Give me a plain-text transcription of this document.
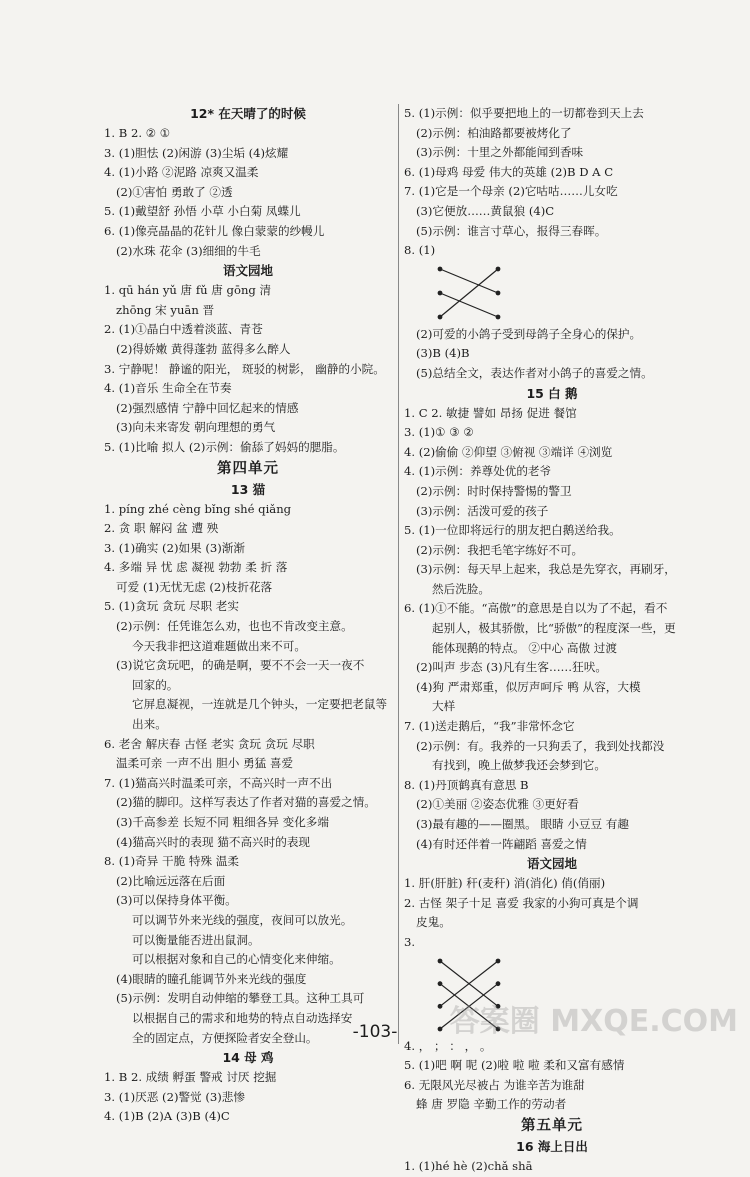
12* 在天晴了的时候
1. B 2. ② ①
3. (1)胆怯 (2)闲游 (3)尘垢 (4)炫耀
4. (1)小路 ②泥路 凉爽又温柔
(2)①害怕 勇敢了 ②透
5. (1)戴望舒 孙悟 小草 小白菊 凤蝶儿
6. (1)像亮晶晶的花针儿 像白蒙蒙的纱幔儿
(2)水珠 花伞 (3)细细的牛毛
语文园地
1. qū hán yǔ 唐 fǔ 唐 gōng 清
zhōng 宋 yuān 晋
2. (1)①晶白中透着淡蓝、青苍
(2)得娇嫩 黄得蓬勃 蓝得多么醉人
3. 宁静呢！ 静谧的阳光， 斑驳的树影， 幽静的小院。
4. (1)音乐 生命全在节奏
(2)强烈感情 宁静中回忆起来的情感
(3)向未来寄发 朝向理想的勇气
5. (1)比喻 拟人 (2)示例：偷舔了妈妈的腮脂。
第四单元
13 猫
1. píng zhé cèng bǐng shé qiǎng
2. 贪 职 解闷 盆 遭 殃
3. (1)确实 (2)如果 (3)渐渐
4. 多端 异 忧 虑 凝视 勃勃 柔 折 落
可爱 (1)无忧无虑 (2)枝折花落
5. (1)贪玩 贪玩 尽职 老实
(2)示例：任凭谁怎么劝，也也不肯改变主意。
今天我非把这道难题做出来不可。
(3)说它贪玩吧，的确是啊，要不不会一天一夜不
回家的。
它屏息凝视，一连就是几个钟头，一定要把老鼠等出来。
6. 老舍 解庆春 古怪 老实 贪玩 贪玩 尽职
温柔可亲 一声不出 胆小 勇猛 喜爱
7. (1)猫高兴时温柔可亲，不高兴时一声不出
(2)猫的脚印。这样写表达了作者对猫的喜爱之情。
(3)千高参差 长短不同 粗细各异 变化多端
(4)猫高兴时的表现 猫不高兴时的表现
8. (1)奇异 干脆 特殊 温柔
(2)比喻远远落在后面
(3)可以保持身体平衡。
可以调节外来光线的强度，夜间可以放光。
可以衡量能否进出鼠洞。
可以根据对象和自己的心情变化来伸缩。
(4)眼睛的瞳孔能调节外来光线的强度
(5)示例：发明自动伸缩的攀登工具。这种工具可
以根据自己的需求和地势的特点自动选择安
全的固定点，方便探险者安全登山。
14 母 鸡
1. B 2. 成绩 孵蛋 警戒 讨厌 挖掘
3. (1)厌恶 (2)警觉 (3)悲惨
4. (1)B (2)A (3)B (4)C
5. (1)示例：似乎要把地上的一切都卷到天上去
(2)示例：柏油路都要被烤化了
(3)示例：十里之外都能闻到香味
6. (1)母鸡 母爱 伟大的英雄 (2)B D A C
7. (1)它是一个母亲 (2)它咕咕……儿女吃
(3)它便放……黄鼠狼 (4)C
(5)示例：谁言寸草心，报得三春晖。
8. (1)
(2)可爱的小鸽子受到母鸽子全身心的保护。
(3)B (4)B
(5)总结全文，表达作者对小鸽子的喜爱之情。
15 白 鹅
1. C 2. 敏捷 譬如 昂扬 促进 餐馆
3. (1)① ③ ②
4. (2)偷偷 ②仰望 ③俯视 ③端详 ④浏览
4. (1)示例：养尊处优的老爷
(2)示例：时时保持警惕的警卫
(3)示例：活泼可爱的孩子
5. (1)一位即将远行的朋友把白鹅送给我。
(2)示例：我把毛笔字练好不可。
(3)示例：每天早上起来，我总是先穿衣，再刷牙，
然后洗脸。
6. (1)①不能。“高傲”的意思是自以为了不起，看不
起别人，极其骄傲，比“骄傲”的程度深一些，更
能体现鹅的特点。 ②中心 高傲 过渡
(2)叫声 步态 (3)凡有生客……狂吠。
(4)狗 严肃郑重，似厉声呵斥 鸭 从容，大模
大样
7. (1)送走鹅后，“我”非常怀念它
(2)示例：有。我养的一只狗丢了，我到处找都没
有找到，晚上做梦我还会梦到它。
8. (1)丹顶鹤真有意思 B
(2)①美丽 ②姿态优雅 ③更好看
(3)最有趣的——圈黑。 眼睛 小豆豆 有趣
(4)有时还伴着一阵翩蹈 喜爱之情
语文园地
1. 肝(肝脏) 秆(麦秆) 消(消化) 俏(俏丽)
2. 古怪 架子十足 喜爱 我家的小狗可真是个调
皮鬼。
3.
4. ， ； ： ， 。
5. (1)吧 啊 呢 (2)啦 啦 啦 柔和又富有感情
6. 无限风光尽被占 为谁辛苦为谁甜
蜂 唐 罗隐 辛勤工作的劳动者
第五单元
16 海上日出
1. (1)hé hè (2)chǎ shā
-103-	答案圈 MXQE.COM
